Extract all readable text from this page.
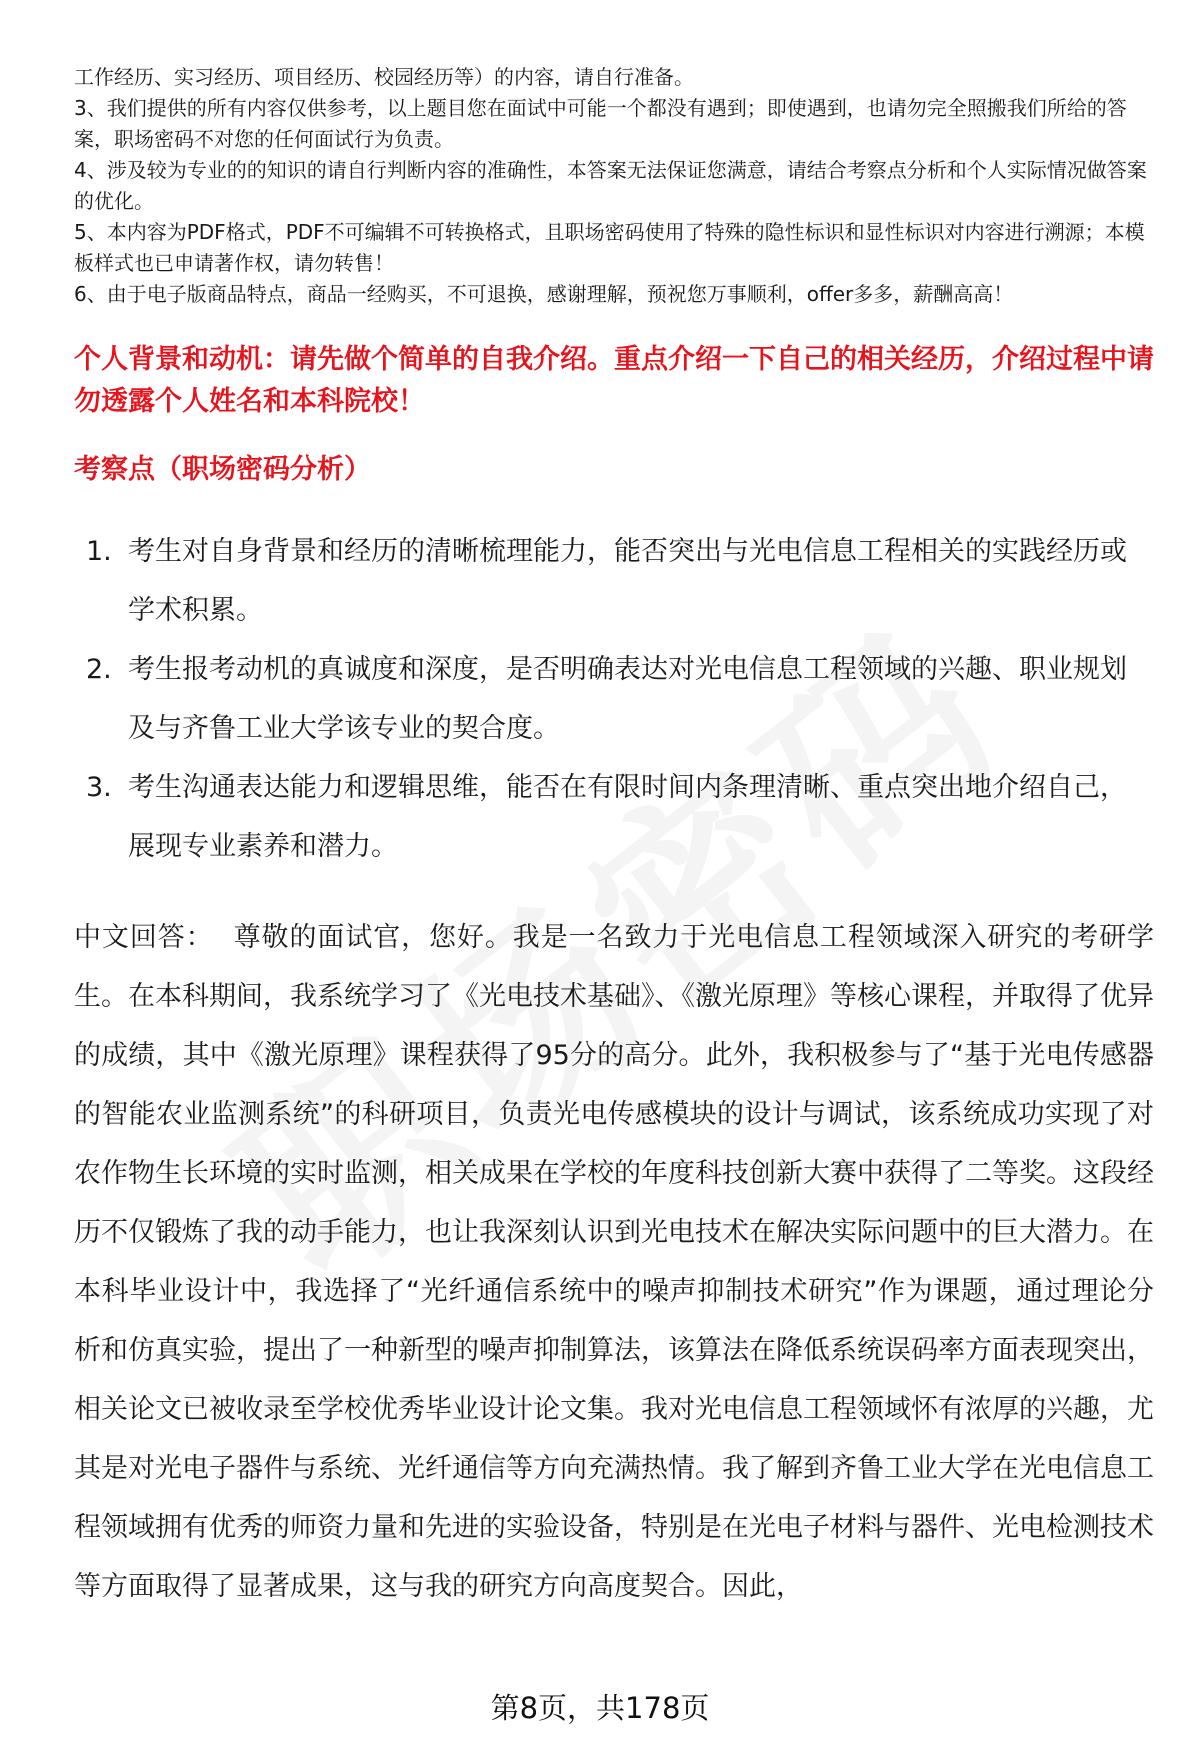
工作经历、实习经历、项目经历、校园经历等）的内容，请自行准备。

3、我们提供的所有内容仅供参考，以上题目您在面试中可能一个都没有遇到；即使遇到，也请勿完全照搬我们所给的答案，职场密码不对您的任何面试行为负责。

4、涉及较为专业的的知识的请自行判断内容的准确性，本答案无法保证您满意，请结合考察点分析和个人实际情况做答案的优化。

5、本内容为PDF格式，PDF不可编辑不可转换格式，且职场密码使用了特殊的隐性标识和显性标识对内容进行溯源；本模板样式也已申请著作权，请勿转售！

6、由于电子版商品特点，商品一经购买，不可退换，感谢理解，预祝您万事顺利，offer多多，薪酬高高！

个人背景和动机：请先做个简单的自我介绍。重点介绍一下自己的相关经历，介绍过程中请勿透露个人姓名和本科院校！

考察点（职场密码分析）

1. 考生对自身背景和经历的清晰梳理能力，能否突出与光电信息工程相关的实践经历或学术积累。
2. 考生报考动机的真诚度和深度，是否明确表达对光电信息工程领域的兴趣、职业规划及与齐鲁工业大学该专业的契合度。
3. 考生沟通表达能力和逻辑思维，能否在有限时间内条理清晰、重点突出地介绍自己，展现专业素养和潜力。

中文回答： 尊敬的面试官，您好。我是一名致力于光电信息工程领域深入研究的考研学生。在本科期间，我系统学习了《光电技术基础》、《激光原理》等核心课程，并取得了优异的成绩，其中《激光原理》课程获得了95分的高分。此外，我积极参与了“基于光电传感器的智能农业监测系统”的科研项目，负责光电传感模块的设计与调试，该系统成功实现了对农作物生长环境的实时监测，相关成果在学校的年度科技创新大赛中获得了二等奖。这段经历不仅锻炼了我的动手能力，也让我深刻认识到光电技术在解决实际问题中的巨大潜力。在本科毕业设计中，我选择了“光纤通信系统中的噪声抑制技术研究”作为课题，通过理论分析和仿真实验，提出了一种新型的噪声抑制算法，该算法在降低系统误码率方面表现突出，相关论文已被收录至学校优秀毕业设计论文集。我对光电信息工程领域怀有浓厚的兴趣，尤其是对光电子器件与系统、光纤通信等方向充满热情。我了解到齐鲁工业大学在光电信息工程领域拥有优秀的师资力量和先进的实验设备，特别是在光电子材料与器件、光电检测技术等方面取得了显著成果，这与我的研究方向高度契合。因此，

第8页，共178页
